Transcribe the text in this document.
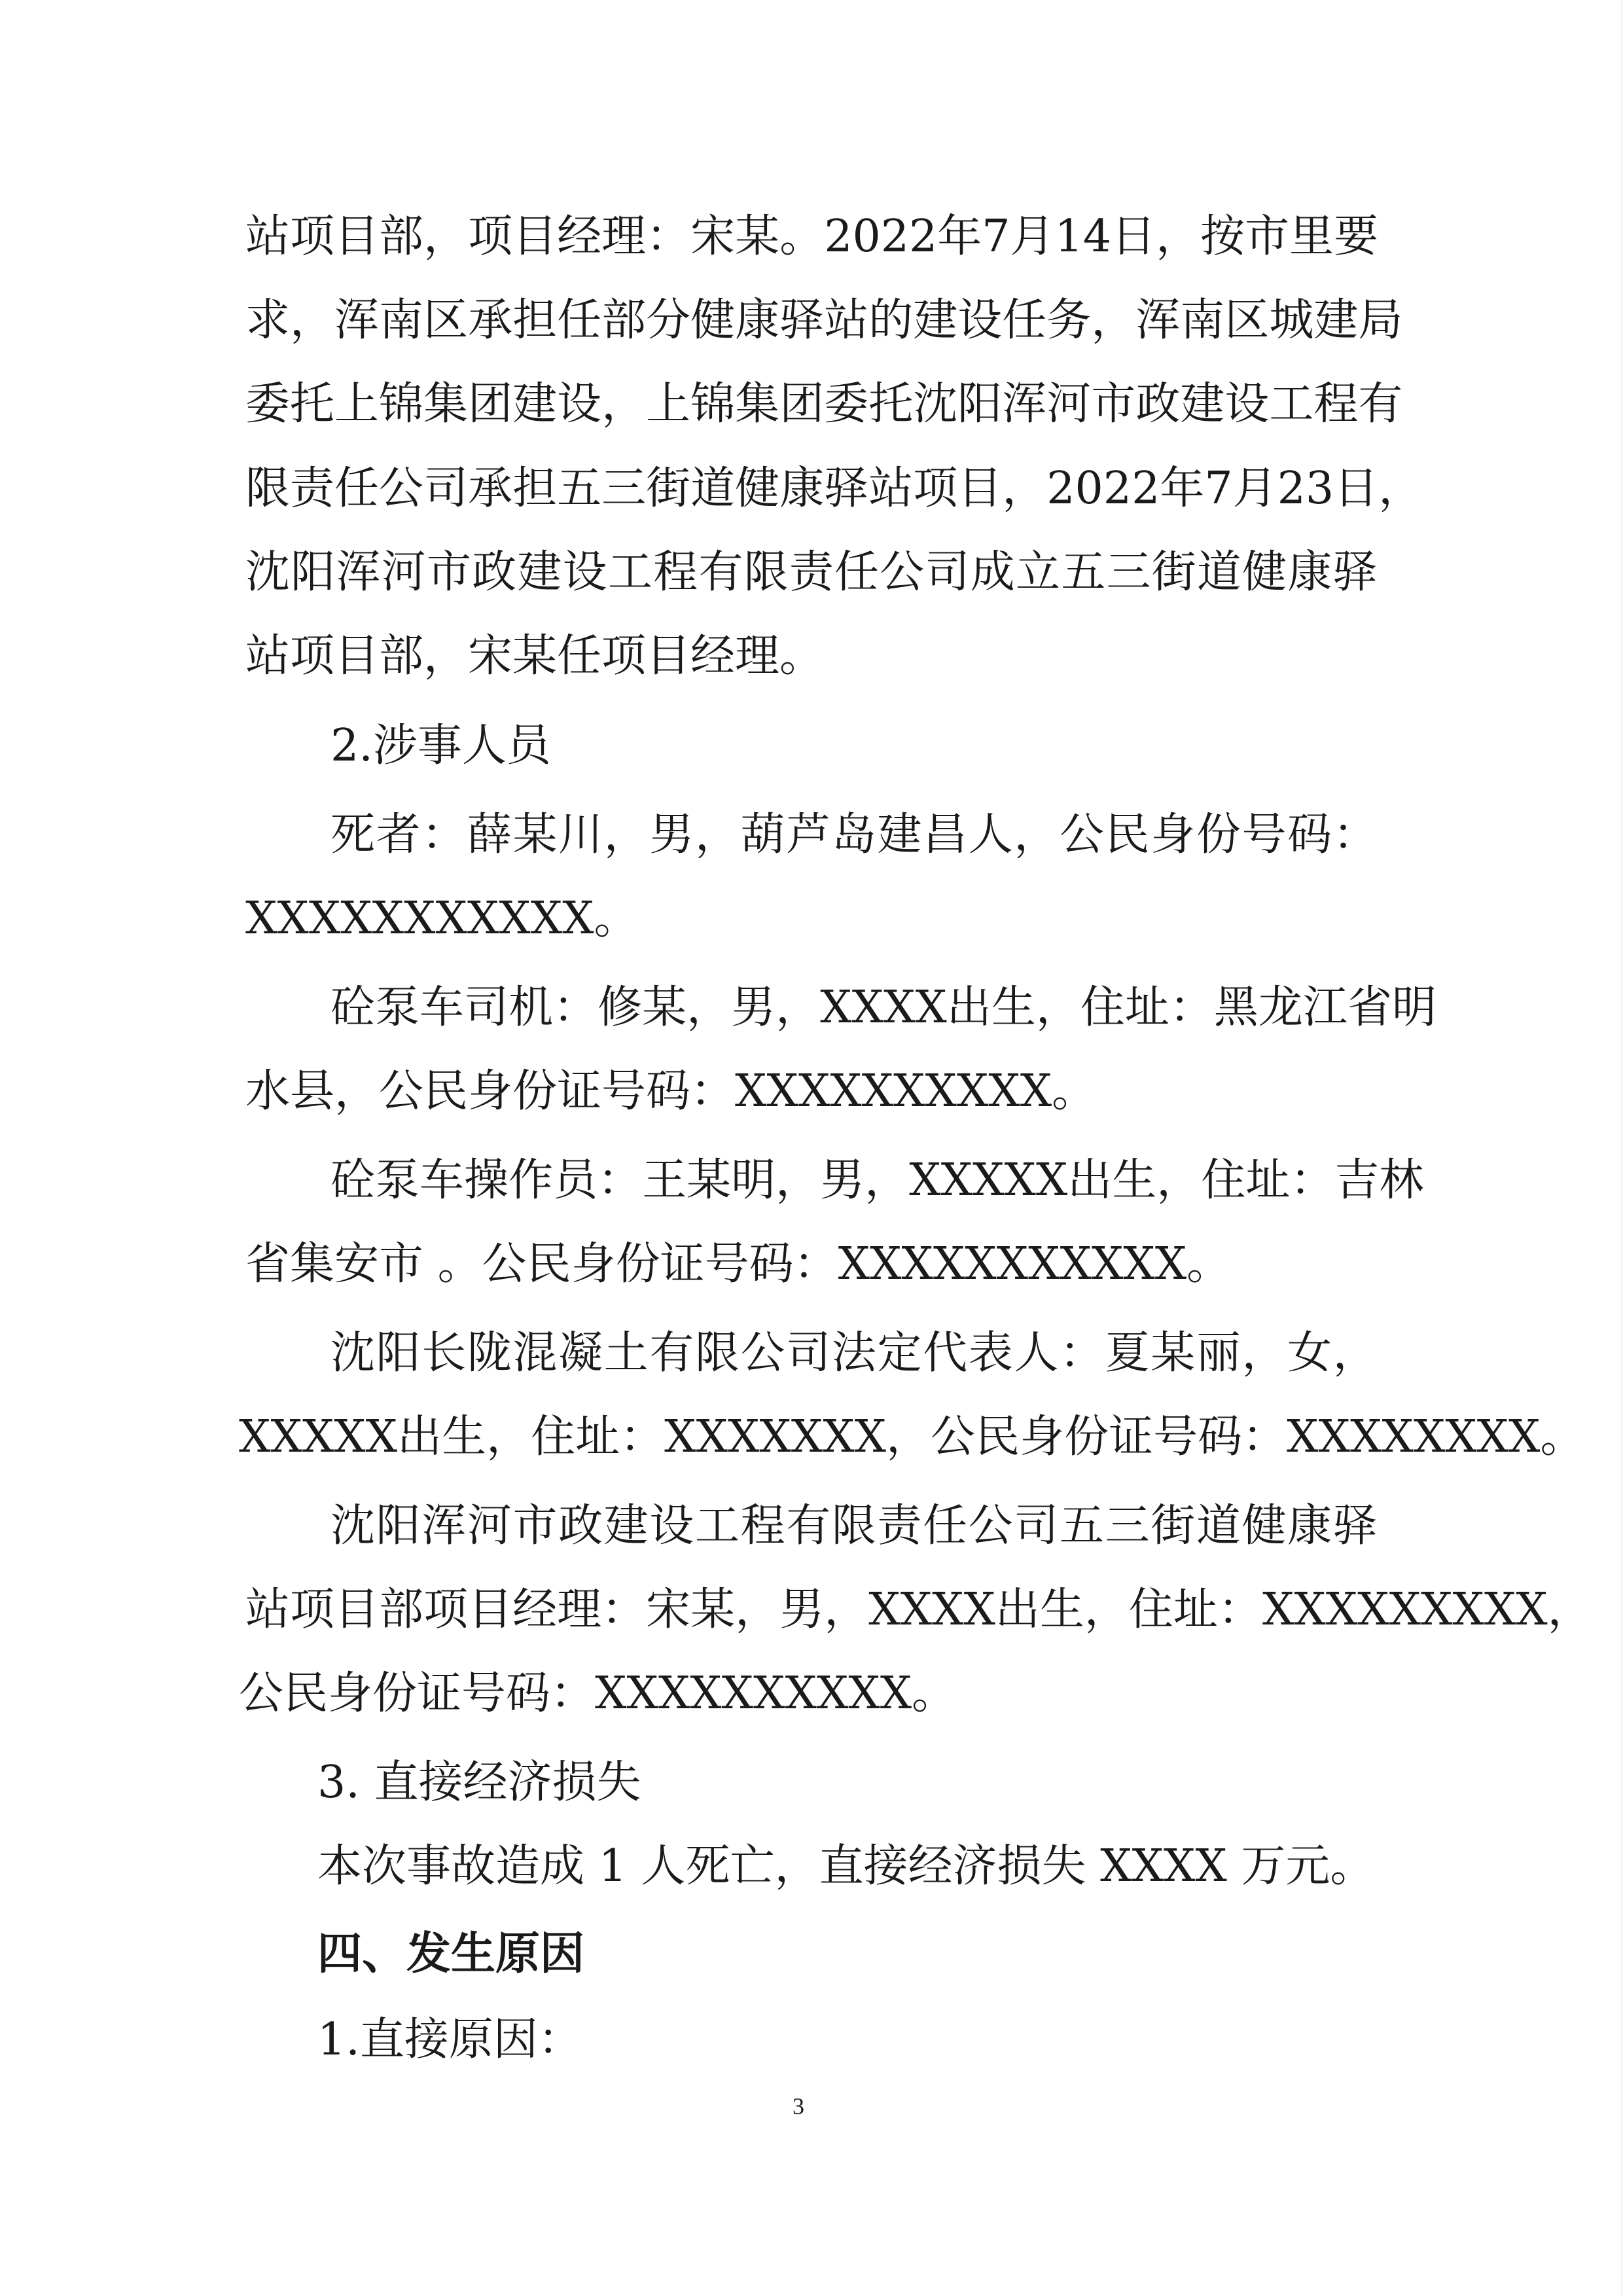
站 项 目 部 ， 项 目 经 理 ： 宋 某 。 2022 年 7 月 14 日 ， 按 市 里 要
求 ， 浑 南 区 承 担 任 部 分 健 康 驿 站 的 建 设 任 务 ， 浑 南 区 城 建 局
委 托 上 锦 集 团 建 设 ， 上 锦 集 团 委 托 沈 阳 浑 河 市 政 建 设 工 程 有
限 责 任 公 司 承 担 五 三 街 道 健 康 驿 站 项 目 ， 2022 年 7 月 23 日 ，
沈 阳 浑 河 市 政 建 设 工 程 有 限 责 任 公 司 成 立 五 三 街 道 健 康 驿
站项目部，宋某任项目经理。
2.涉事人员
死 者 ： 薛 某 川 ， 男 ， 葫 芦 岛 建 昌 人 ， 公 民 身 份 号 码 ：
XXXXXXXXXXX。
砼 泵 车 司 机 ： 修 某 ， 男 ， XXXX 出 生 ， 住 址 ： 黑 龙 江 省 明
水县，公民身份证号码：XXXXXXXXXX。
砼 泵 车 操 作 员 ： 王 某 明 ， 男 ， XXXXX 出 生 ， 住 址 ： 吉 林
省集安市 。公民身份证号码：XXXXXXXXXXX。
沈 阳 长 陇 混 凝 土 有 限 公 司 法 定 代 表 人 ： 夏 某 丽 ， 女 ，
XXXXX 出 生 ， 住 址 ： XXXXXXX ， 公 民 身 份 证 号 码 ： XXXXXXXX 。
沈 阳 浑 河 市 政 建 设 工 程 有 限 责 任 公 司 五 三 街 道 健 康 驿
站 项 目 部 项 目 经 理 ： 宋 某 ， 男 ， XXXX 出 生 ， 住 址 ： XXXXXXXXX ，
公民身份证号码：XXXXXXXXXX。
3. 直接经济损失
本次事故造成 1 人死亡，直接经济损失 XXXX 万元。
四、发生原因
1.直接原因：
3
